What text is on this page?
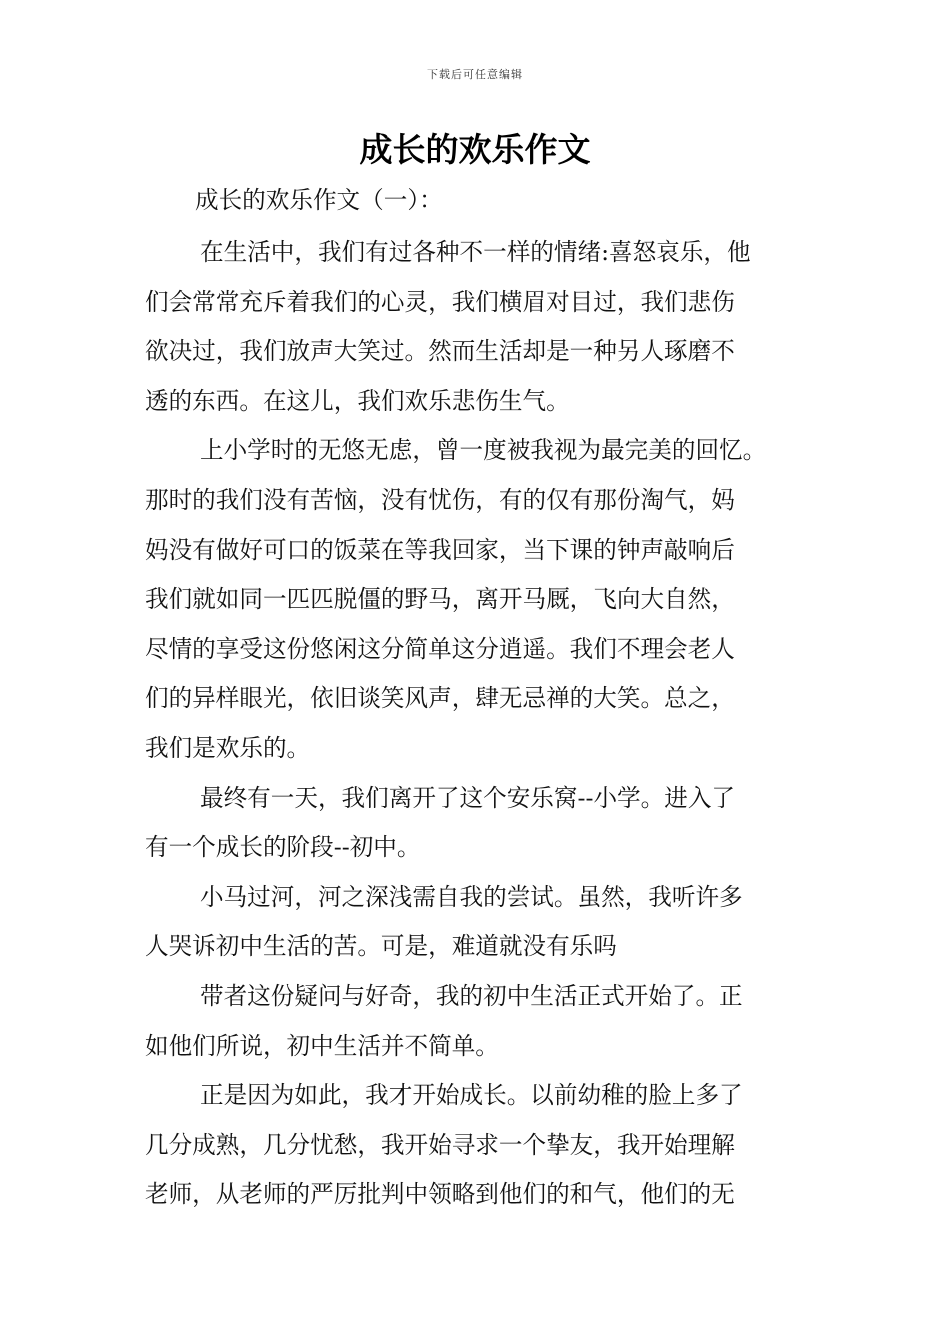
下载后可任意编辑
成长的欢乐作文
成长的欢乐作文（一）：

在生活中，我们有过各种不一样的情绪:喜怒哀乐，他
们会常常充斥着我们的心灵，我们横眉对目过，我们悲伤
欲决过，我们放声大笑过。然而生活却是一种另人琢磨不
透的东西。在这儿，我们欢乐悲伤生气。

上小学时的无悠无虑，曾一度被我视为最完美的回忆。
那时的我们没有苦恼，没有忧伤，有的仅有那份淘气，妈
妈没有做好可口的饭菜在等我回家，当下课的钟声敲响后
我们就如同一匹匹脱僵的野马，离开马厩，飞向大自然，
尽情的享受这份悠闲这分简单这分逍遥。我们不理会老人
们的异样眼光，依旧谈笑风声，肆无忌禅的大笑。总之，
我们是欢乐的。

最终有一天，我们离开了这个安乐窝--小学。进入了
有一个成长的阶段--初中。

小马过河，河之深浅需自我的尝试。虽然，我听许多
人哭诉初中生活的苦。可是，难道就没有乐吗

带者这份疑问与好奇，我的初中生活正式开始了。正
如他们所说，初中生活并不简单。

正是因为如此，我才开始成长。以前幼稚的脸上多了
几分成熟，几分忧愁，我开始寻求一个挚友，我开始理解
老师，从老师的严厉批判中领略到他们的和气，他们的无
